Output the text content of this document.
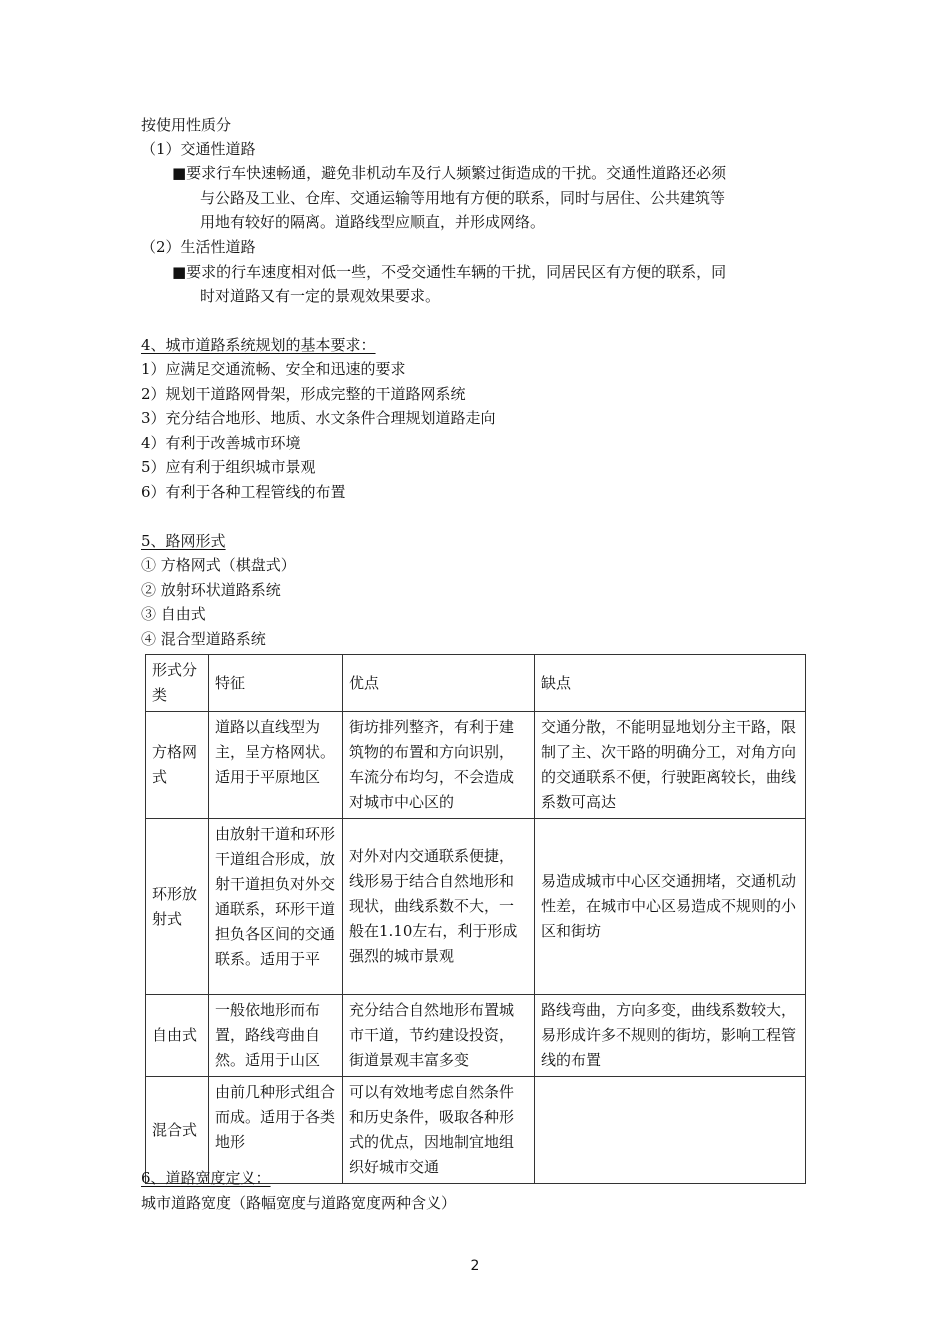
按使用性质分
（1）交通性道路
■要求行车快速畅通，避免非机动车及行人频繁过街造成的干扰。交通性道路还必须
与公路及工业、仓库、交通运输等用地有方便的联系，同时与居住、公共建筑等
用地有较好的隔离。道路线型应顺直，并形成网络。
（2）生活性道路
■要求的行车速度相对低一些，不受交通性车辆的干扰，同居民区有方便的联系，同
时对道路又有一定的景观效果要求。
4、城市道路系统规划的基本要求：
1）应满足交通流畅、安全和迅速的要求
2）规划干道路网骨架，形成完整的干道路网系统
3）充分结合地形、地质、水文条件合理规划道路走向
4）有利于改善城市环境
5）应有利于组织城市景观
6）有利于各种工程管线的布置
5、路网形式
① 方格网式（棋盘式）
② 放射环状道路系统
③ 自由式
④ 混合型道路系统
形式分类	特征	优点	缺点
方格网式	道路以直线型为主，呈方格网状。适用于平原地区	街坊排列整齐，有利于建筑物的布置和方向识别，车流分布均匀，不会造成对城市中心区的	交通分散，不能明显地划分主干路，限制了主、次干路的明确分工，对角方向的交通联系不便，行驶距离较长，曲线系数可高达
环形放射式	由放射干道和环形干道组合形成，放射干道担负对外交通联系，环形干道担负各区间的交通联系。适用于平	对外对内交通联系便捷，线形易于结合自然地形和现状，曲线系数不大，一般在1.10左右，利于形成强烈的城市景观	易造成城市中心区交通拥堵，交通机动性差，在城市中心区易造成不规则的小区和街坊
自由式	一般依地形而布置，路线弯曲自然。适用于山区	充分结合自然地形布置城市干道，节约建设投资，街道景观丰富多变	路线弯曲，方向多变，曲线系数较大，易形成许多不规则的街坊，影响工程管线的布置
混合式	由前几种形式组合而成。适用于各类地形	可以有效地考虑自然条件和历史条件，吸取各种形式的优点，因地制宜地组织好城市交通	
6、道路宽度定义：
城市道路宽度（路幅宽度与道路宽度两种含义）
2
